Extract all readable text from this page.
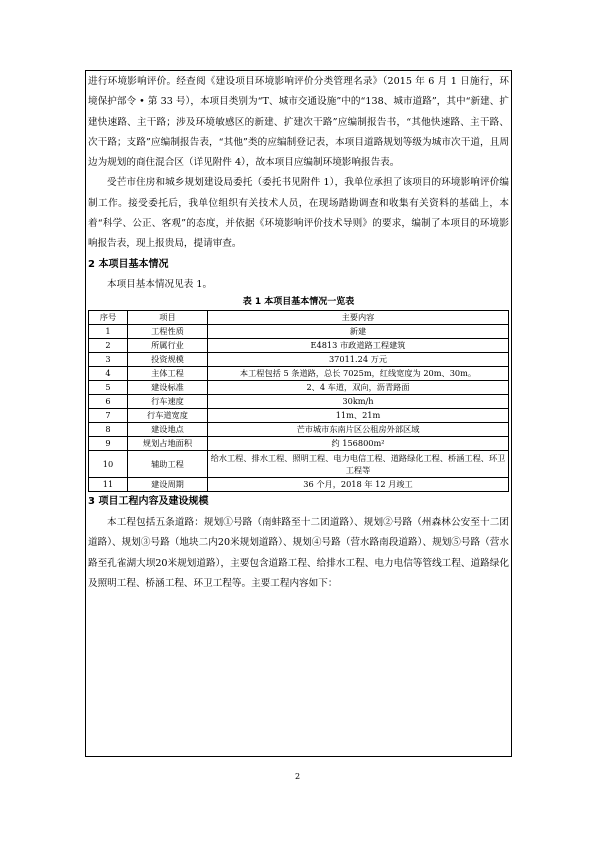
进行环境影响评价。经查阅《建设项目环境影响评价分类管理名录》（2015 年 6 月 1 日施行，环境保护部令 • 第 33 号），本项目类别为“T、城市交通设施”中的“138、城市道路”，其中“新建、扩建快速路、主干路；涉及环境敏感区的新建、扩建次干路”应编制报告书，“其他快速路、主干路、次干路；支路”应编制报告表，“其他”类的应编制登记表，本项目道路规划等级为城市次干道，且周边为规划的商住混合区（详见附件 4），故本项目应编制环境影响报告表。

受芒市住房和城乡规划建设局委托（委托书见附件 1），我单位承担了该项目的环境影响评价编制工作。接受委托后，我单位组织有关技术人员，在现场踏勘调查和收集有关资料的基础上，本着“科学、公正、客观”的态度，并依据《环境影响评价技术导则》的要求，编制了本项目的环境影响报告表，现上报贵局，提请审查。

2 本项目基本情况

本项目基本情况见表 1。

表 1 本项目基本情况一览表
序号	项目	主要内容
1	工程性质	新建
2	所属行业	E4813 市政道路工程建筑
3	投资规模	37011.24 万元
4	主体工程	本工程包括 5 条道路，总长 7025m，红线宽度为 20m、30m。
5	建设标准	2、4 车道，双向，沥青路面
6	行车速度	30km/h
7	行车道宽度	11m、21m
8	建设地点	芒市城市东南片区公租房外部区域
9	规划占地面积	约 156800m²
10	辅助工程	给水工程、排水工程、照明工程、电力电信工程、道路绿化工程、桥涵工程、环卫工程等
11	建设周期	36 个月，2018 年 12 月竣工
3 项目工程内容及建设规模

本工程包括五条道路：规划①号路（南蚌路至十二团道路）、规划②号路（州森林公安至十二团道路）、规划③号路（地块二内20米规划道路）、规划④号路（营水路南段道路）、规划⑤号路（营水路至孔雀湖大坝20米规划道路），主要包含道路工程、给排水工程、电力电信等管线工程、道路绿化及照明工程、桥涵工程、环卫工程等。主要工程内容如下：

2
